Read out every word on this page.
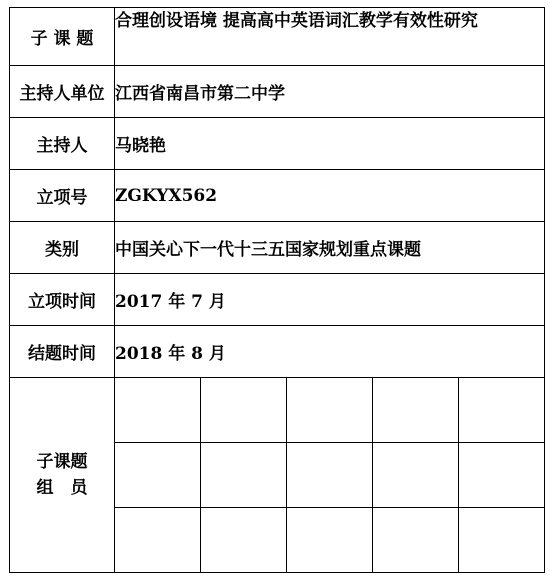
子 课 题	合理创设语境 提高高中英语词汇教学有效性研究
主持人单位	江西省南昌市第二中学
主持人	马晓艳
立项号	ZGKYX562
类别	中国关心下一代十三五国家规划重点课题
立项时间	2017 年 7 月
结题时间	2018 年 8 月

子课题
组　员
